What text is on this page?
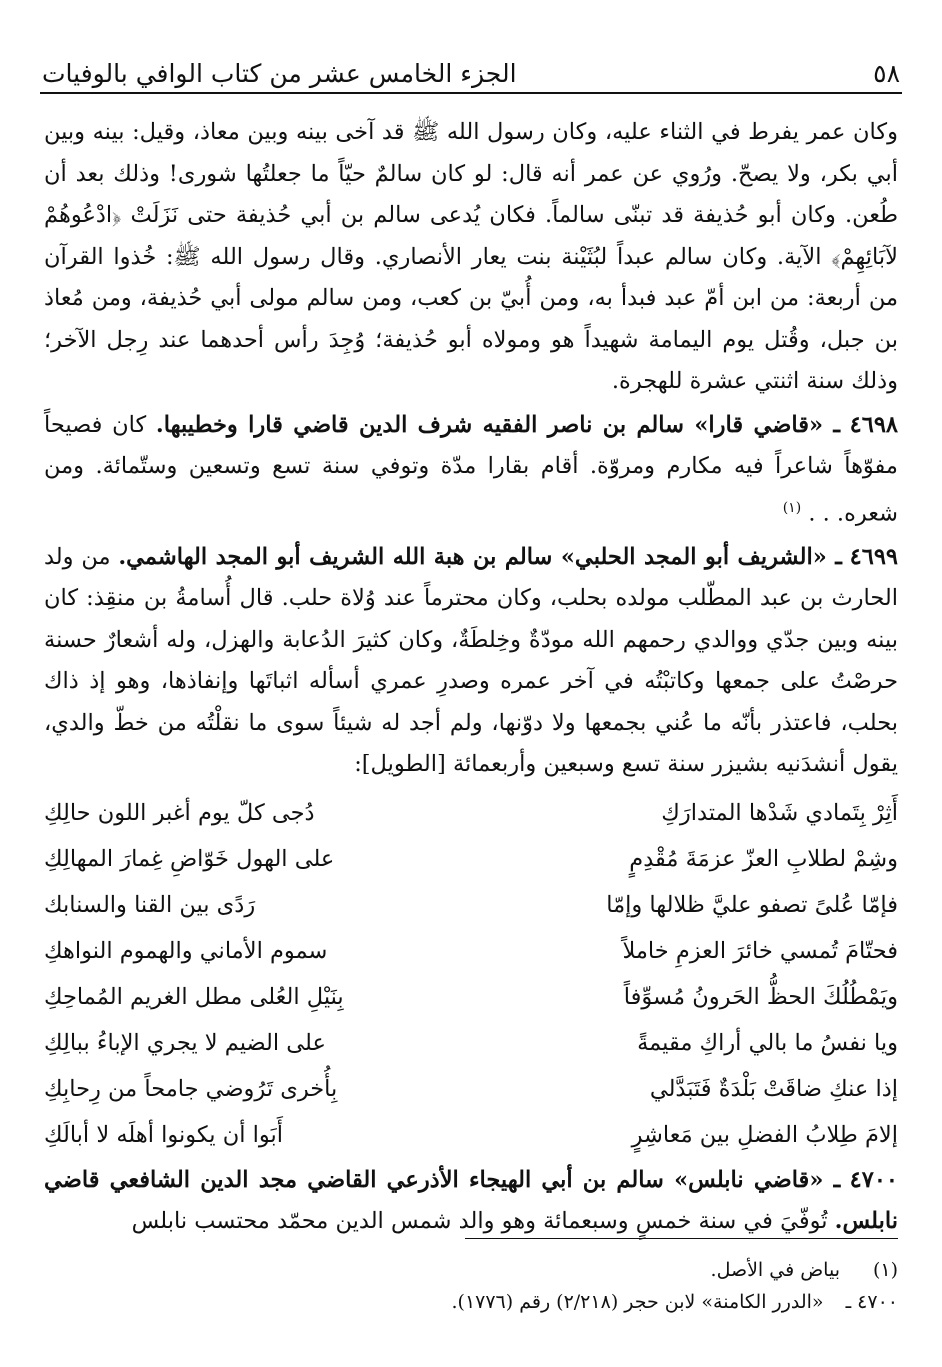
٥٨
الجزء الخامس عشر من كتاب الوافي بالوفيات

وكان عمر يفرط في الثناء عليه، وكان رسول الله ﷺ قد آخى بينه وبين معاذ، وقيل: بينه وبين أبي بكر، ولا يصحّ. ورُوي عن عمر أنه قال: لو كان سالمٌ حيّاً ما جعلتُها شورى! وذلك بعد أن طُعن. وكان أبو حُذيفة قد تبنّى سالماً. فكان يُدعى سالم بن أبي حُذيفة حتى نَزَلَتْ ﴿ادْعُوهُمْ لآبَائِهِمْ﴾ الآية. وكان سالم عبداً لبُثَيْنة بنت يعار الأنصاري. وقال رسول الله ﷺ: خُذوا القرآن من أربعة: من ابن أمّ عبد فبدأ به، ومن أُبيّ بن كعب، ومن سالم مولى أبي حُذيفة، ومن مُعاذ بن جبل، وقُتل يوم اليمامة شهيداً هو ومولاه أبو حُذيفة؛ وُجِدَ رأس أحدهما عند رِجل الآخر؛ وذلك سنة اثنتي عشرة للهجرة.

٤٦٩٨ ـ «قاضي قارا» سالم بن ناصر الفقيه شرف الدين قاضي قارا وخطيبها. كان فصيحاً مفوّهاً شاعراً فيه مكارم ومروّة. أقام بقارا مدّة وتوفي سنة تسع وتسعين وستّمائة. ومن شعره. . . $^{(١)}$

٤٦٩٩ ـ «الشريف أبو المجد الحلبي» سالم بن هبة الله الشريف أبو المجد الهاشمي. من ولد الحارث بن عبد المطّلب مولده بحلب، وكان محترماً عند وُلاة حلب. قال أُسامةُ بن منقِذ: كان بينه وبين جدّي ووالدي رحمهم الله مودّةٌ وخِلطَةٌ، وكان كثيرَ الدُعابة والهزل، وله أشعارٌ حسنة حرصْتُ على جمعها وكاتبْتُه في آخر عمره وصدرِ عمري أسأله اثباتَها وإنفاذها، وهو إذ ذاك بحلب، فاعتذر بأنّه ما عُني بجمعها ولا دوّنها، ولم أجد له شيئاً سوى ما نقلْتُه من خطّ والدي، يقول أنشدَنيه بشيزر سنة تسع وسبعين وأربعمائة [الطويل]:

أَثِرْ بِتَمادي شَدْها المتدارَكِ
دُجى كلّ يوم أغبر اللون حالِكِ
وشِمْ لطلابِ العزّ عزمَةَ مُقْدِمٍ
على الهول خَوّاضِ غِمارَ المهالِكِ
فإمّا عُلىً تصفو عليَّ ظلالها وإمّا
رَدًى بين القنا والسنابك
فحتّامَ تُمسي خائرَ العزمِ خاملاً
سموم الأماني والهموم النواهكِ
ويَمْطُلُكَ الحظُّ الحَرونُ مُسوِّفاً
بِنَيْلِ العُلى مطل الغريم المُماحِكِ
ويا نفسُ ما بالي أراكِ مقيمةً
على الضيم لا يجري الإباءُ ببالِكِ
إذا عنكِ ضاقَتْ بَلْدَةٌ فَتَبَدَّلي
بِأُخرى تَرُوضي جامحاً من رِحابِكِ
إلامَ طِلابُ الفضلِ بين مَعاشِرٍ
أَبَوا أن يكونوا أهلَه لا أبالَكِ

٤٧٠٠ ـ «قاضي نابلس» سالم بن أبي الهيجاء الأذرعي القاضي مجد الدين الشافعي قاضي نابلس. تُوفّيَ في سنة خمسٍ وسبعمائة وهو والد شمس الدين محمّد محتسب نابلس

(١)
بياض في الأصل.
٤٧٠٠ ـ
«الدرر الكامنة» لابن حجر (٢/٢١٨) رقم (١٧٧٦).
